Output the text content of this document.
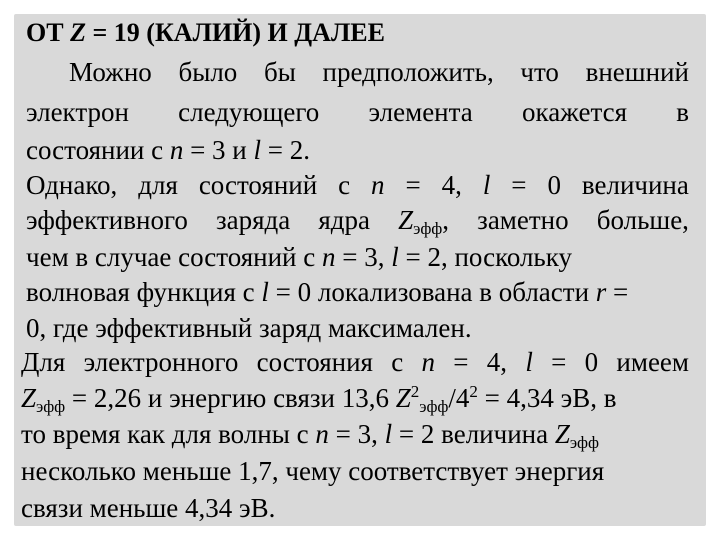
ОТ Z = 19 (КАЛИЙ) И ДАЛЕЕ
Можно было бы предположить, что внешний
электрон следующего элемента окажется в
состоянии с n = 3 и l = 2.
Однако, для состояний с n = 4, l = 0 величина
эффективного заряда ядра $Z_{эфф}$, заметно больше,
чем в случае состояний с n = 3, l = 2, поскольку
волновая функция с l = 0 локализована в области r =
0, где эффективный заряд максимален.
Для электронного состояния с n = 4, l = 0 имеем
$Z_{эфф} = 2,26$ и энергию связи 13,6 $Z^2_{эфф}/4^2 = 4,34$ эВ, в
то время как для волны с n = 3, l = 2 величина $Z_{эфф}$
несколько меньше 1,7, чему соответствует энергия
связи меньше 4,34 эВ.
